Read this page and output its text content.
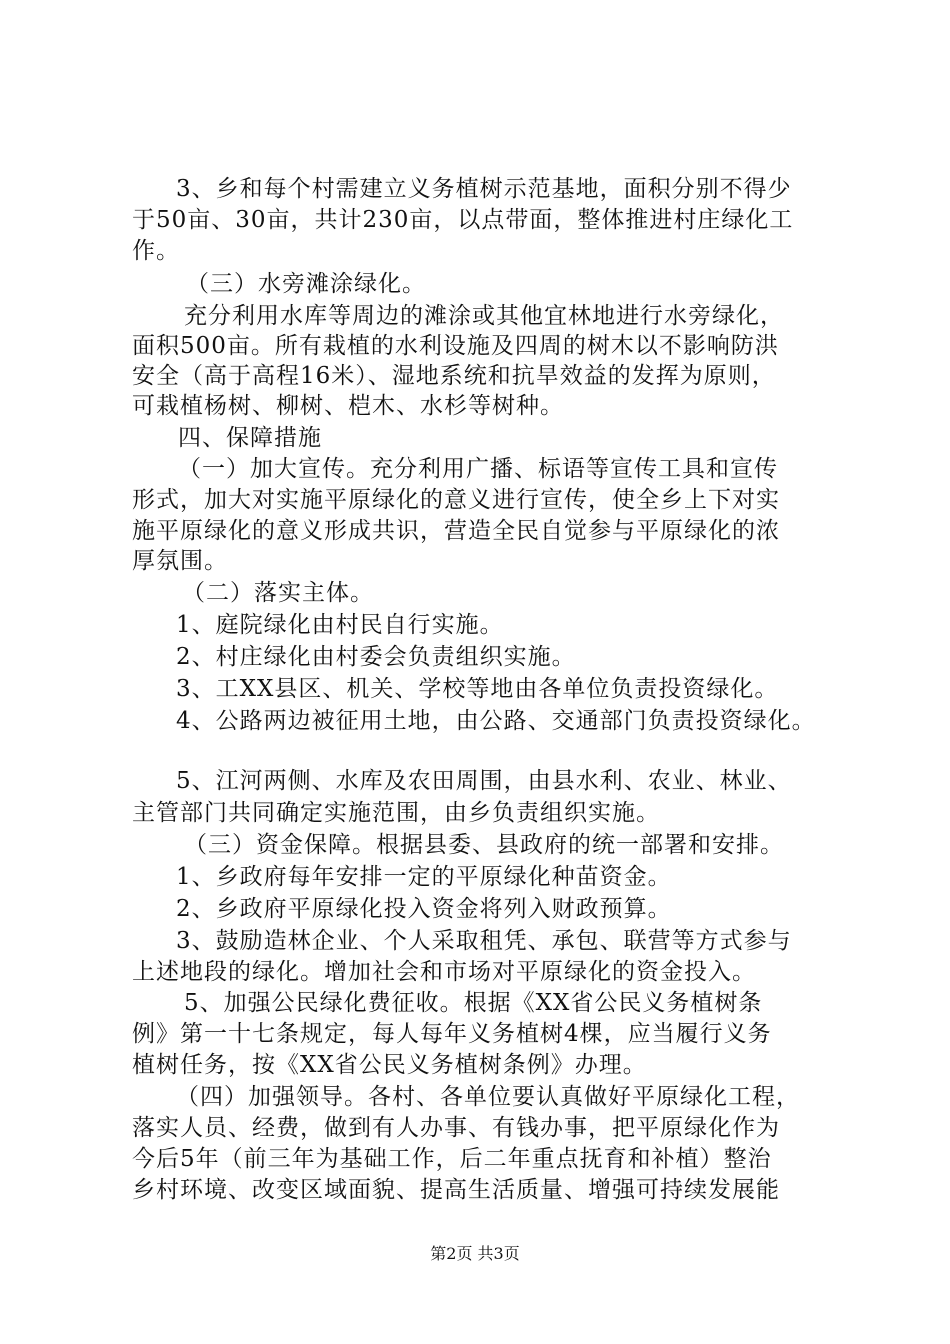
3、乡和每个村需建立义务植树示范基地，面积分别不得少
于50亩、30亩，共计230亩，以点带面，整体推进村庄绿化工
作。
（三）水旁滩涂绿化。
充分利用水库等周边的滩涂或其他宜林地进行水旁绿化，
面积500亩。所有栽植的水利设施及四周的树木以不影响防洪
安全（高于高程16米）、湿地系统和抗旱效益的发挥为原则，
可栽植杨树、柳树、桤木、水杉等树种。
四、保障措施
（一）加大宣传。充分利用广播、标语等宣传工具和宣传
形式，加大对实施平原绿化的意义进行宣传，使全乡上下对实
施平原绿化的意义形成共识，营造全民自觉参与平原绿化的浓
厚氛围。
（二）落实主体。
1、庭院绿化由村民自行实施。
2、村庄绿化由村委会负责组织实施。
3、工XX县区、机关、学校等地由各单位负责投资绿化。
4、公路两边被征用土地，由公路、交通部门负责投资绿化。
5、江河两侧、水库及农田周围，由县水利、农业、林业、
主管部门共同确定实施范围，由乡负责组织实施。
（三）资金保障。根据县委、县政府的统一部署和安排。
1、乡政府每年安排一定的平原绿化种苗资金。
2、乡政府平原绿化投入资金将列入财政预算。
3、鼓励造林企业、个人采取租凭、承包、联营等方式参与
上述地段的绿化。增加社会和市场对平原绿化的资金投入。
5、加强公民绿化费征收。根据《XX省公民义务植树条
例》第一十七条规定，每人每年义务植树4棵，应当履行义务
植树任务，按《XX省公民义务植树条例》办理。
（四）加强领导。各村、各单位要认真做好平原绿化工程，
落实人员、经费，做到有人办事、有钱办事，把平原绿化作为
今后5年（前三年为基础工作，后二年重点抚育和补植）整治
乡村环境、改变区域面貌、提高生活质量、增强可持续发展能
第2页 共3页
